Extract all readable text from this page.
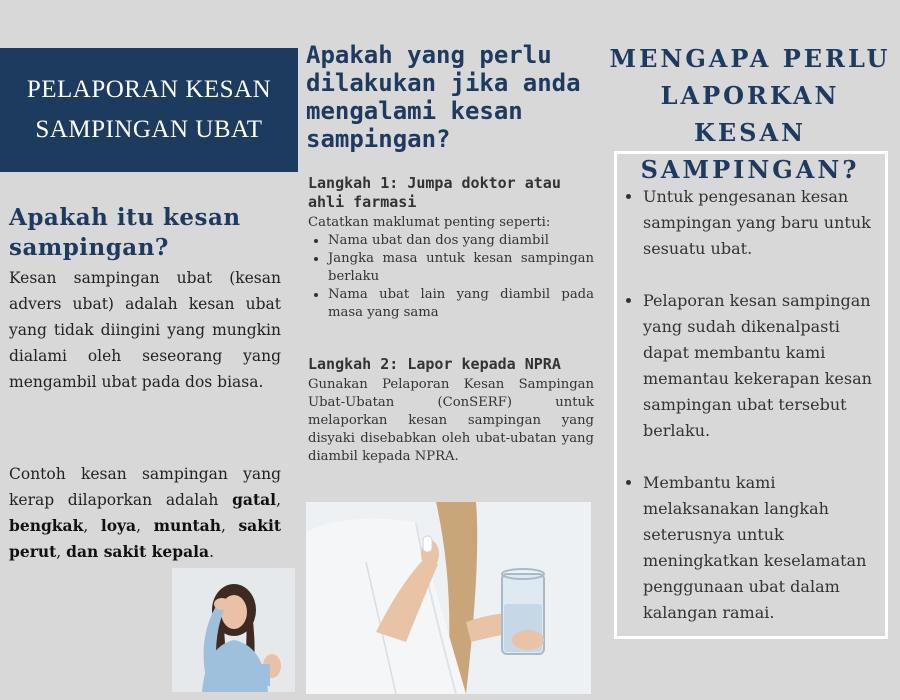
PELAPORAN KESAN
SAMPINGAN UBAT
Apakah itu kesan sampingan?

Kesan sampingan ubat (kesan advers ubat) adalah kesan ubat yang tidak diingini yang mungkin dialami oleh seseorang yang mengambil ubat pada dos biasa.

Contoh kesan sampingan yang kerap dilaporkan adalah gatal, bengkak, loya, muntah, sakit perut, dan sakit kepala.

Apakah yang perlu dilakukan jika anda mengalami kesan sampingan?

Langkah 1: Jumpa doktor atau ahli farmasi

Catatkan maklumat penting seperti:

• Nama ubat dan dos yang diambil
• Jangka masa untuk kesan sampingan berlaku
• Nama ubat lain yang diambil pada masa yang sama

Langkah 2: Lapor kepada NPRA

Gunakan Pelaporan Kesan Sampingan Ubat-Ubatan (ConSERF) untuk melaporkan kesan sampingan yang disyaki disebabkan oleh ubat-ubatan yang diambil kepada NPRA.

MENGAPA PERLU LAPORKAN KESAN SAMPINGAN?
• Untuk pengesanan kesan sampingan yang baru untuk sesuatu ubat.
• Pelaporan kesan sampingan yang sudah dikenalpasti dapat membantu kami memantau kekerapan kesan sampingan ubat tersebut berlaku.
• Membantu kami melaksanakan langkah seterusnya untuk meningkatkan keselamatan penggunaan ubat dalam kalangan ramai.
